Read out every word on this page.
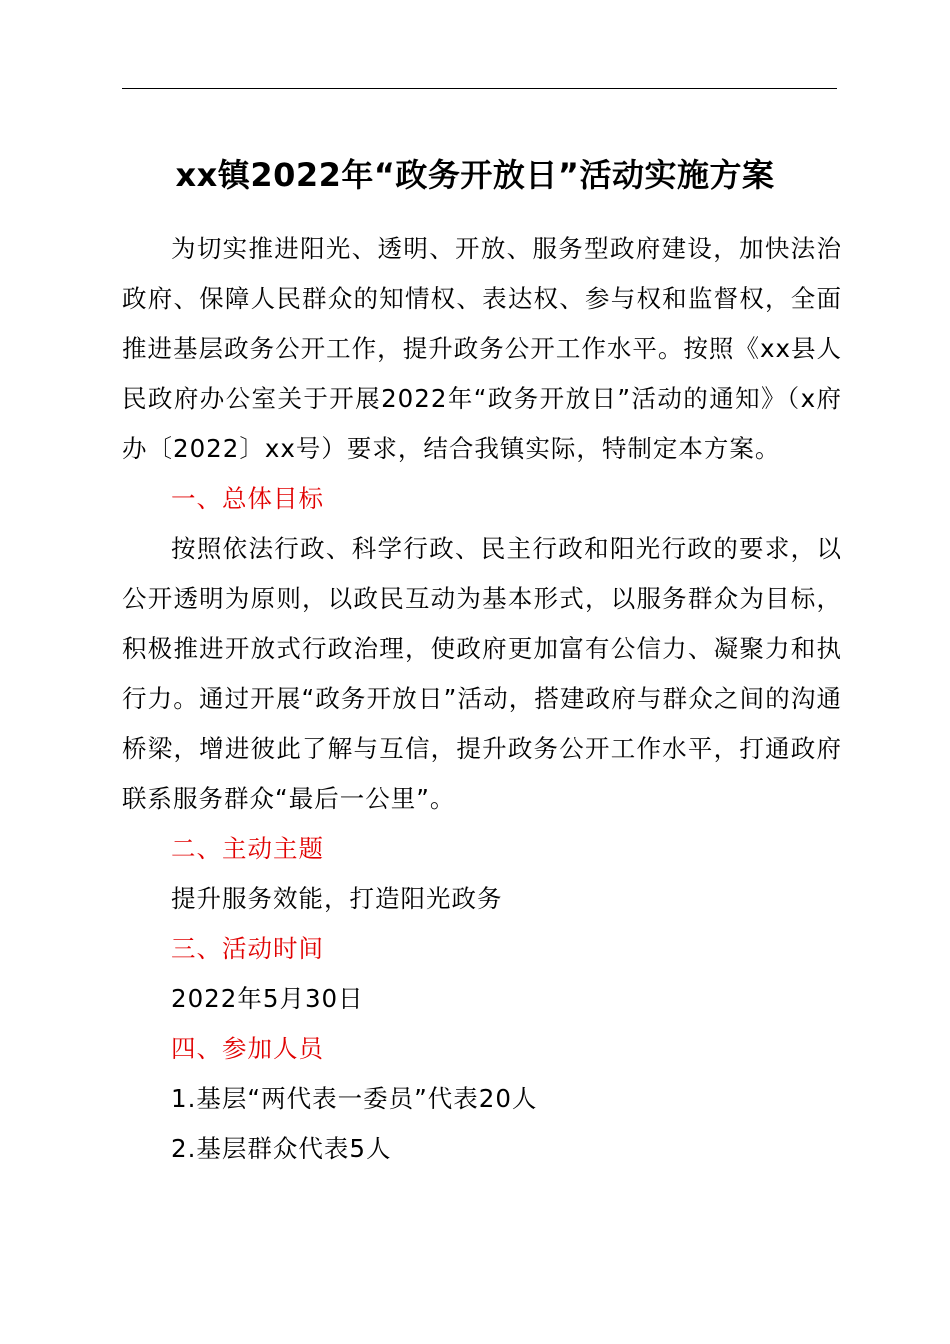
xx镇2022年“政务开放日”活动实施方案

为切实推进阳光、透明、开放、服务型政府建设，加快法治政府、保障人民群众的知情权、表达权、参与权和监督权，全面推进基层政务公开工作，提升政务公开工作水平。按照《xx县人民政府办公室关于开展2022年“政务开放日”活动的通知》（x府办〔2022〕xx号）要求，结合我镇实际，特制定本方案。

一、总体目标

按照依法行政、科学行政、民主行政和阳光行政的要求，以公开透明为原则，以政民互动为基本形式，以服务群众为目标，积极推进开放式行政治理，使政府更加富有公信力、凝聚力和执行力。通过开展“政务开放日”活动，搭建政府与群众之间的沟通桥梁，增进彼此了解与互信，提升政务公开工作水平，打通政府联系服务群众“最后一公里”。

二、主动主题

提升服务效能，打造阳光政务

三、活动时间

2022年5月30日

四、参加人员

1.基层“两代表一委员”代表20人

2.基层群众代表5人
